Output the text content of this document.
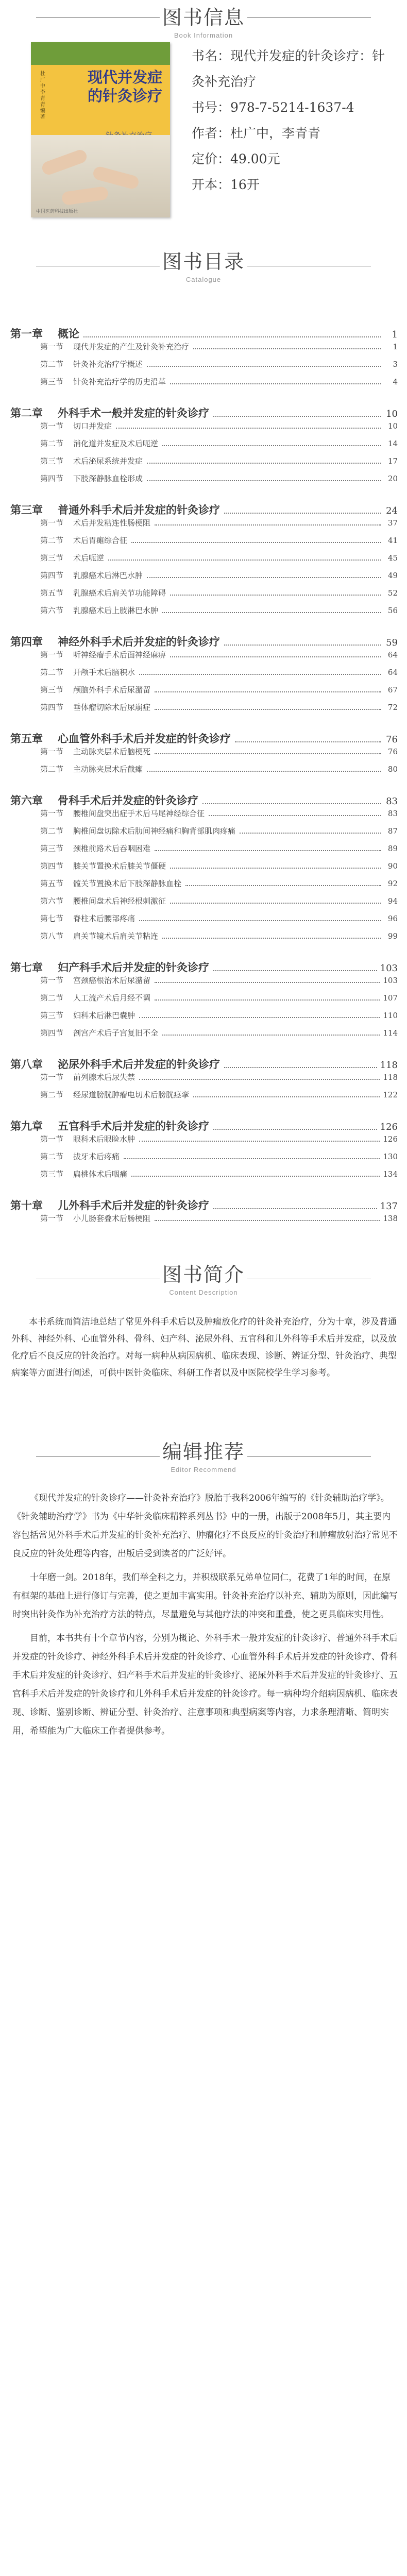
图书信息
Book Information
杜广中 李青青 编著
现代并发症的针灸诊疗
中国医药科技出版社
书名：现代并发症的针灸诊疗：针灸补充治疗
书号：978-7-5214-1637-4
作者：杜广中，李青青
定价：49.00元
开本：16开
图书目录
Catalogue
第一章	概论	1
第一节	现代并发症的产生及针灸补充治疗	1
第二节	针灸补充治疗学概述	3
第三节	针灸补充治疗学的历史沿革	4
第二章	外科手术一般并发症的针灸诊疗	10
第一节	切口并发症	10
第二节	消化道并发症及术后呃逆	14
第三节	术后泌尿系统并发症	17
第四节	下肢深静脉血栓形成	20
第三章	普通外科手术后并发症的针灸诊疗	24
第一节	术后并发粘连性肠梗阻	37
第二节	术后胃瘫综合征	41
第三节	术后呃逆	45
第四节	乳腺癌术后淋巴水肿	49
第五节	乳腺癌术后肩关节功能障碍	52
第六节	乳腺癌术后上肢淋巴水肿	56
第四章	神经外科手术后并发症的针灸诊疗	59
第一节	听神经瘤手术后面神经麻痹	64
第二节	开颅手术后脑积水	64
第三节	颅脑外科手术后尿潴留	67
第四节	垂体瘤切除术后尿崩症	72
第五章	心血管外科手术后并发症的针灸诊疗	76
第一节	主动脉夹层术后脑梗死	76
第二节	主动脉夹层术后截瘫	80
第六章	骨科手术后并发症的针灸诊疗	83
第一节	腰椎间盘突出症手术后马尾神经综合征	83
第二节	胸椎间盘切除术后肋间神经痛和胸背部肌肉疼痛	87
第三节	颈椎前路术后吞咽困难	89
第四节	膝关节置换术后膝关节僵硬	90
第五节	髋关节置换术后下肢深静脉血栓	92
第六节	腰椎间盘术后神经根刺激征	94
第七节	脊柱术后腰部疼痛	96
第八节	肩关节镜术后肩关节粘连	99
第七章	妇产科手术后并发症的针灸诊疗	103
第一节	宫颈癌根治术后尿潴留	103
第二节	人工流产术后月经不调	107
第三节	妇科术后淋巴囊肿	110
第四节	剖宫产术后子宫复旧不全	114
第八章	泌尿外科手术后并发症的针灸诊疗	118
第一节	前列腺术后尿失禁	118
第二节	经尿道膀胱肿瘤电切术后膀胱痉挛	122
第九章	五官科手术后并发症的针灸诊疗	126
第一节	眼科术后眼睑水肿	126
第二节	拔牙术后疼痛	130
第三节	扁桃体术后咽痛	134
第十章	儿外科手术后并发症的针灸诊疗	137
第一节	小儿肠套叠术后肠梗阻	138
图书简介
Content Description

本书系统而简洁地总结了常见外科手术后以及肿瘤放化疗的针灸补充治疗，分为十章，涉及普通外科、神经外科、心血管外科、骨科、妇产科、泌尿外科、五官科和儿外科等手术后并发症，以及放化疗后不良反应的针灸治疗。对每一病种从病因病机、临床表现、诊断、辨证分型、针灸治疗、典型病案等方面进行阐述，可供中医针灸临床、科研工作者以及中医院校学生学习参考。

编辑推荐
Editor Recommend

《现代并发症的针灸诊疗——针灸补充治疗》脱胎于我科2006年编写的《针灸辅助治疗学》。《针灸辅助治疗学》书为《中华针灸临床精粹系列丛书》中的一册，出版于2008年5月，其主要内容包括常见外科手术后并发症的针灸补充治疗、肿瘤化疗不良反应的针灸治疗和肿瘤放射治疗常见不良反应的针灸处理等内容，出版后受到读者的广泛好评。

十年磨一剑。2018年，我们举全科之力，并积极联系兄弟单位同仁，花费了1年的时间，在原有框架的基础上进行修订与完善，使之更加丰富实用。针灸补充治疗以补充、辅助为原则，因此编写时突出针灸作为补充治疗方法的特点，尽量避免与其他疗法的冲突和重叠，使之更具临床实用性。

目前，本书共有十个章节内容，分别为概论、外科手术一般并发症的针灸诊疗、普通外科手术后并发症的针灸诊疗、神经外科手术后并发症的针灸诊疗、心血管外科手术后并发症的针灸诊疗、骨科手术后并发症的针灸诊疗、妇产科手术后并发症的针灸诊疗、泌尿外科手术后并发症的针灸诊疗、五官科手术后并发症的针灸诊疗和儿外科手术后并发症的针灸诊疗。每一病种均介绍病因病机、临床表现、诊断、鉴别诊断、辨证分型、针灸治疗、注意事项和典型病案等内容，力求条理清晰、简明实用，希望能为广大临床工作者提供参考。
